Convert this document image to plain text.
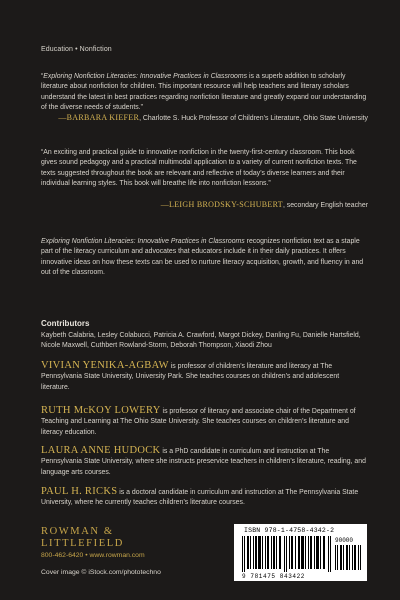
Education • Nonfiction

“Exploring Nonfiction Literacies: Innovative Practices in Classrooms is a superb addition to scholarly literature about nonfiction for children. This important resource will help teachers and literary scholars understand the latest in best practices regarding nonfiction literature and greatly expand our understanding of the diverse needs of students.”

—BARBARA KIEFER, Charlotte S. Huck Professor of Children’s Literature, Ohio State University

“An exciting and practical guide to innovative nonfiction in the twenty-first-century classroom. This book gives sound pedagogy and a practical multimodal application to a variety of current nonfiction texts. The texts suggested throughout the book are relevant and reflective of today’s diverse learners and their individual learning styles. This book will breathe life into nonfiction lessons.”

—LEIGH BRODSKY-SCHUBERT, secondary English teacher

Exploring Nonfiction Literacies: Innovative Practices in Classrooms recognizes nonfiction text as a staple part of the literacy curriculum and advocates that educators include it in their daily practices. It offers innovative ideas on how these texts can be used to nurture literacy acquisition, growth, and fluency in and out of the classroom.

Contributors

Kaybeth Calabria, Lesley Colabucci, Patricia A. Crawford, Margot Dickey, Danling Fu, Danielle Hartsfield, Nicole Maxwell, Cuthbert Rowland-Storm, Deborah Thompson, Xiaodi Zhou

VIVIAN YENIKA-AGBAW is professor of children’s literature and literacy at The Pennsylvania State University, University Park. She teaches courses on children’s and adolescent literature.

RUTH McKOY LOWERY is professor of literacy and associate chair of the Department of Teaching and Learning at The Ohio State University. She teaches courses on children’s literature and literacy education.

LAURA ANNE HUDOCK is a PhD candidate in curriculum and instruction at The Pennsylvania State University, where she instructs preservice teachers in children’s literature, reading, and language arts courses.

PAUL H. RICKS is a doctoral candidate in curriculum and instruction at The Pennsylvania State University, where he currently teaches children’s literature courses.

ROWMAN &
LITTLEFIELD
800-462-6420 • www.rowman.com
Cover image © iStock.com/phototechno
ISBN 978-1-4758-4342-2
90000
9 781475 843422
